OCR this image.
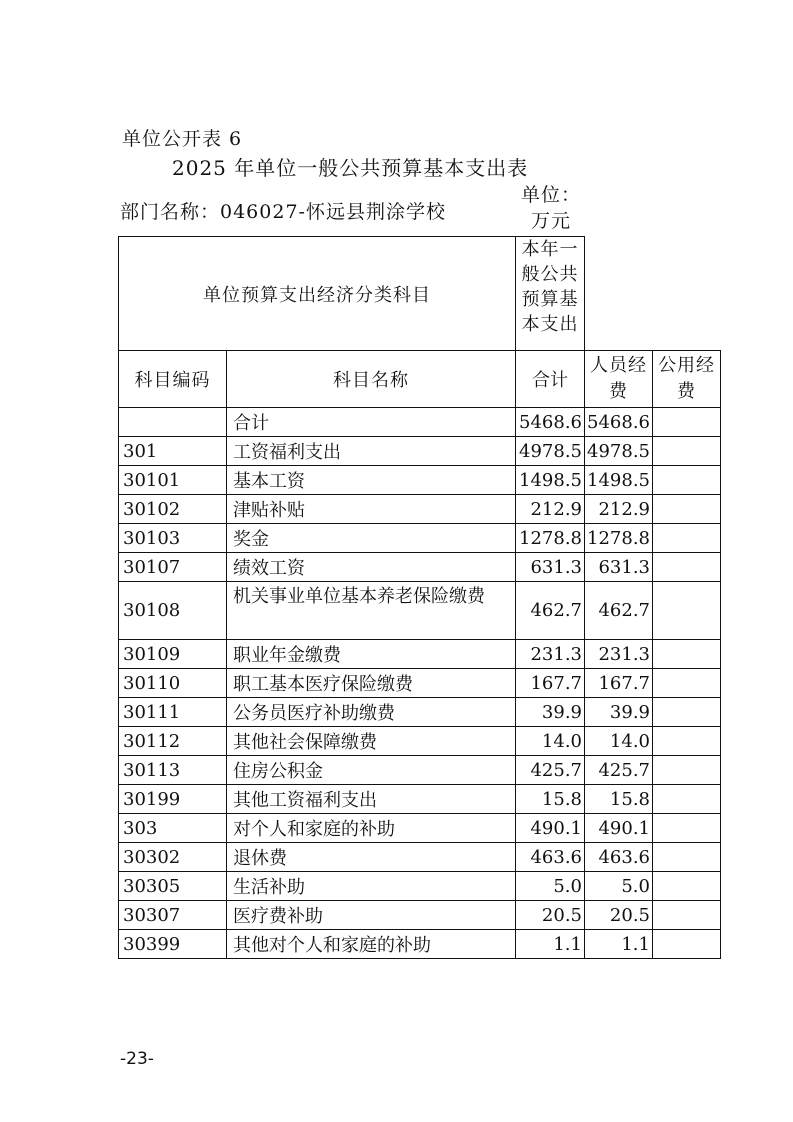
单位公开表 6
2025 年单位一般公共预算基本支出表
部门名称：046027-怀远县荆涂学校
单位：万元
单位预算支出经济分类科目		本年一般公共预算基本支出		
科目编码	科目名称	合计	人员经费	公用经费
	合计	5468.6	5468.6	
301	工资福利支出	4978.5	4978.5	
30101	基本工资	1498.5	1498.5	
30102	津贴补贴	212.9	212.9	
30103	奖金	1278.8	1278.8	
30107	绩效工资	631.3	631.3	
30108	机关事业单位基本养老保险缴费	462.7	462.7	
30109	职业年金缴费	231.3	231.3	
30110	职工基本医疗保险缴费	167.7	167.7	
30111	公务员医疗补助缴费	39.9	39.9	
30112	其他社会保障缴费	14.0	14.0	
30113	住房公积金	425.7	425.7	
30199	其他工资福利支出	15.8	15.8	
303	对个人和家庭的补助	490.1	490.1	
30302	退休费	463.6	463.6	
30305	生活补助	5.0	5.0	
30307	医疗费补助	20.5	20.5	
30399	其他对个人和家庭的补助	1.1	1.1	
-23-
